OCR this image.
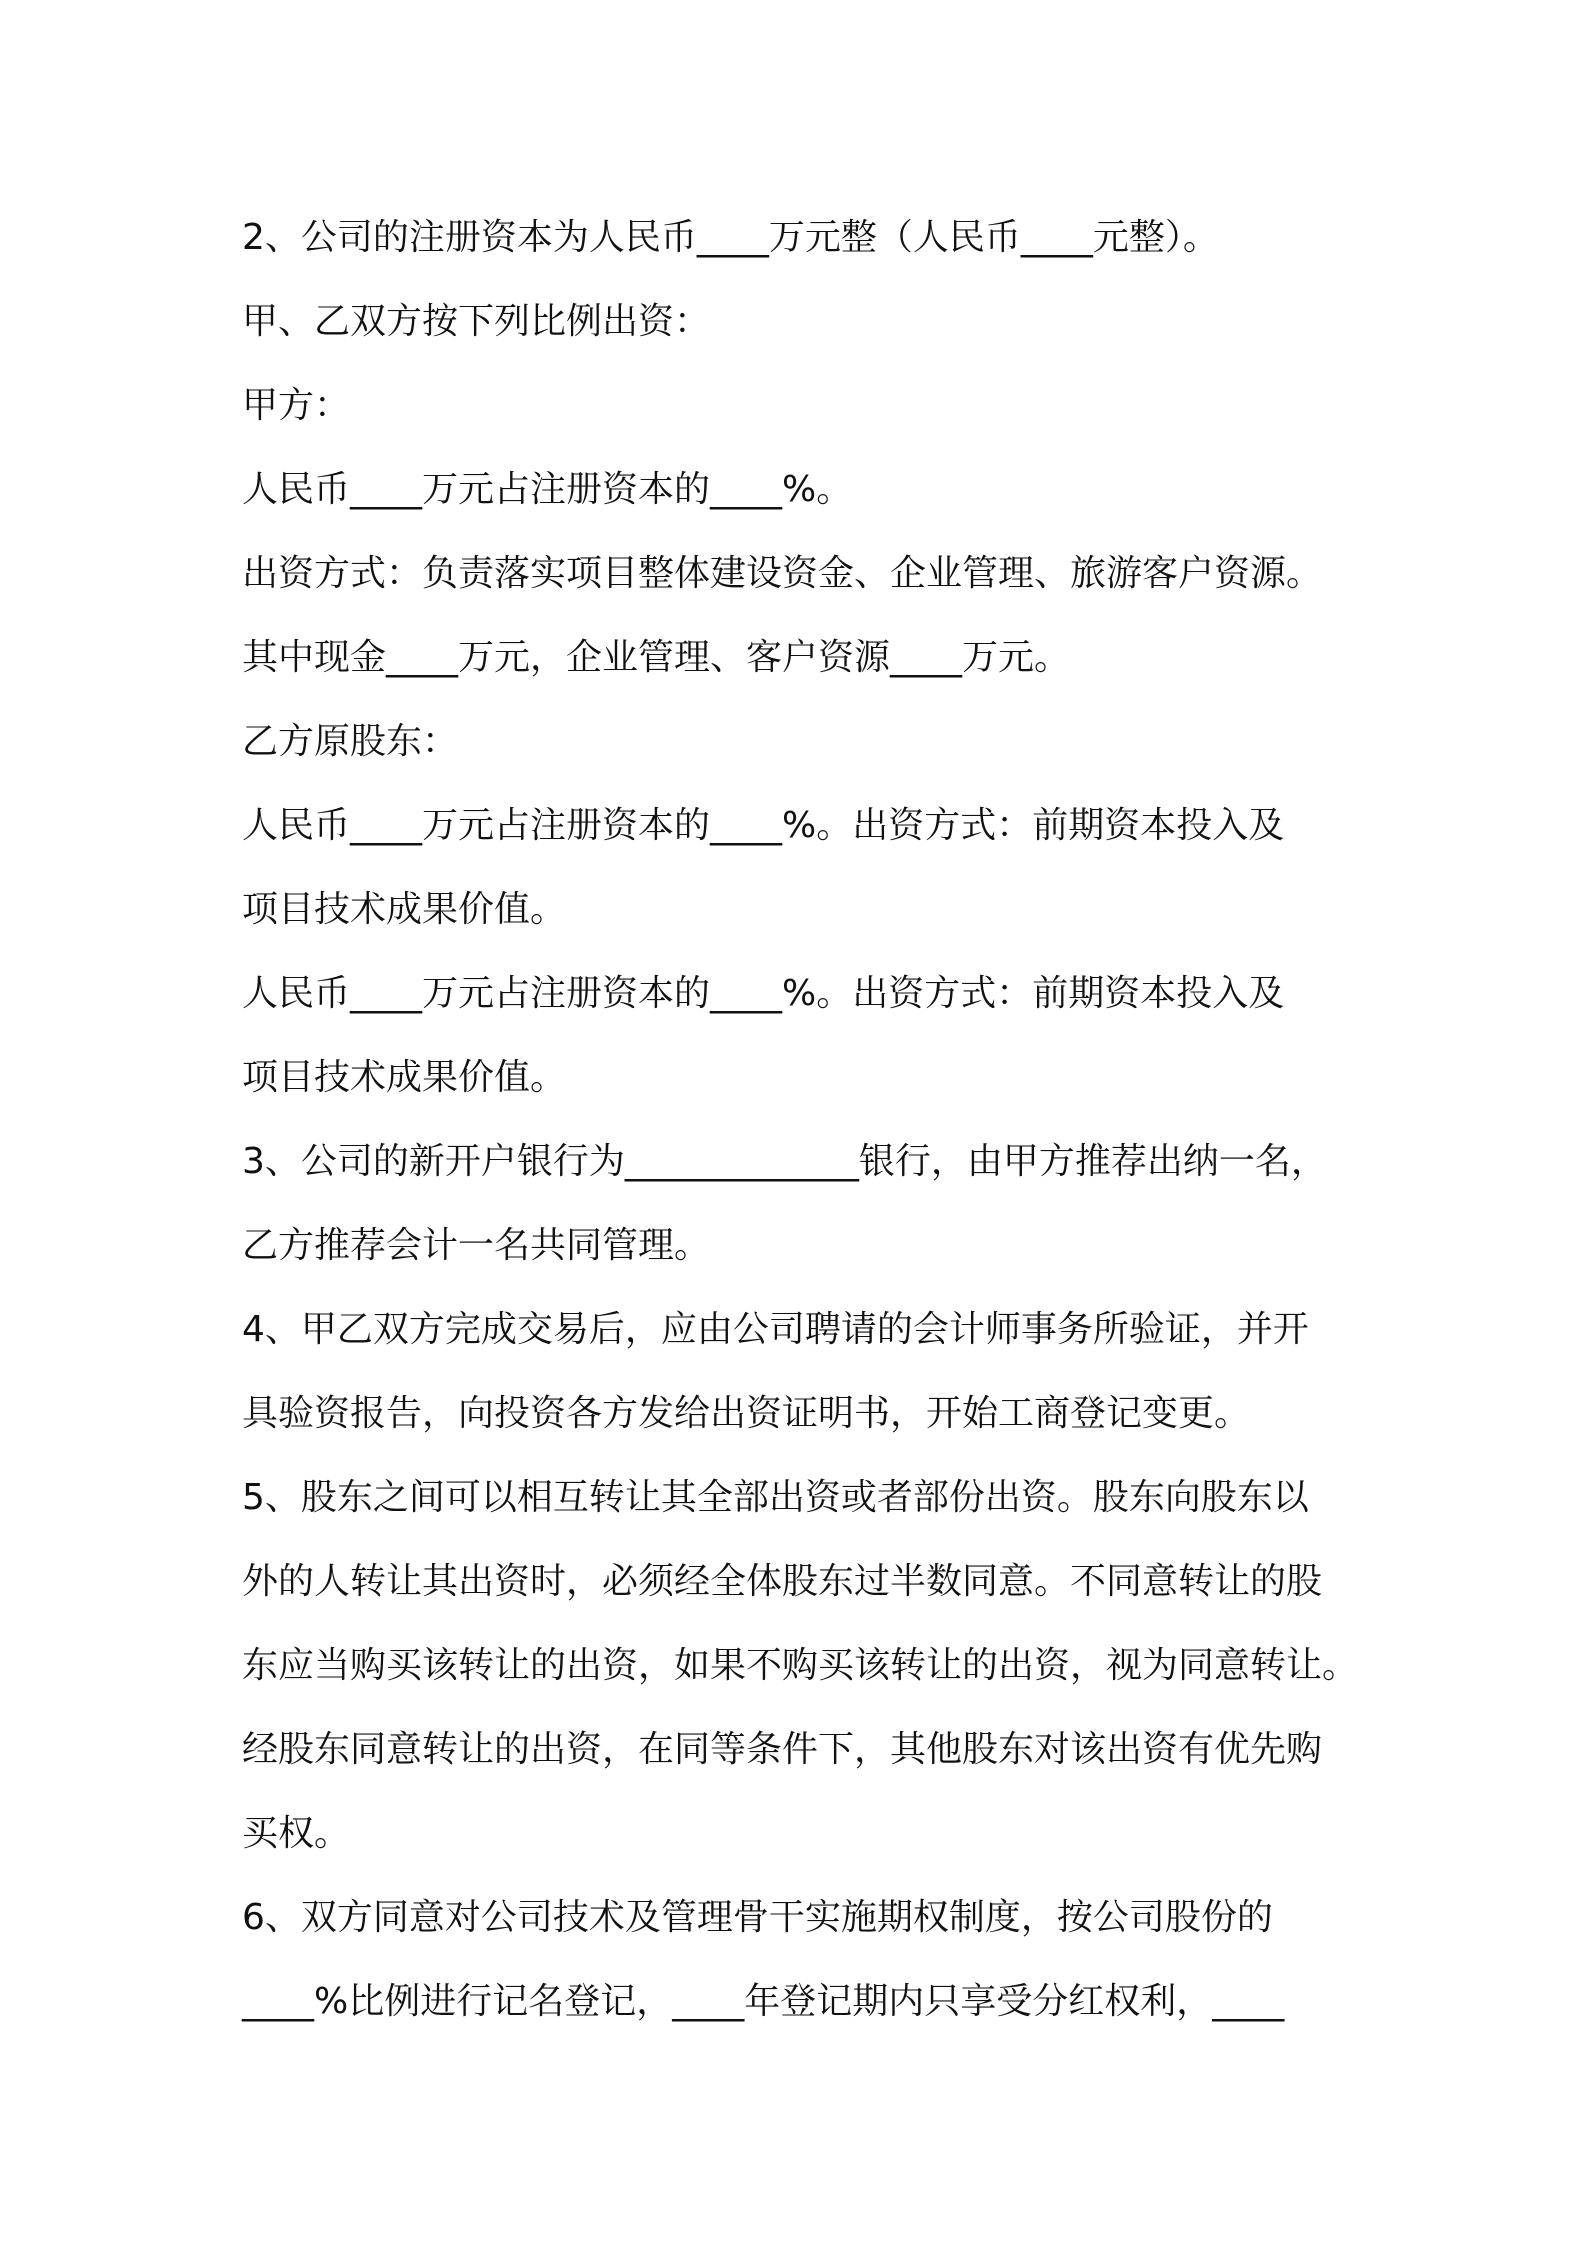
2、公司的注册资本为人民币____万元整（人民币____元整）。

甲、乙双方按下列比例出资：

甲方：

人民币____万元占注册资本的____%。

出资方式：负责落实项目整体建设资金、企业管理、旅游客户资源。

其中现金____万元，企业管理、客户资源____万元。

乙方原股东：

人民币____万元占注册资本的____%。出资方式：前期资本投入及

项目技术成果价值。

人民币____万元占注册资本的____%。出资方式：前期资本投入及

项目技术成果价值。

3、公司的新开户银行为_____________银行，由甲方推荐出纳一名，

乙方推荐会计一名共同管理。

4、甲乙双方完成交易后，应由公司聘请的会计师事务所验证，并开

具验资报告，向投资各方发给出资证明书，开始工商登记变更。

5、股东之间可以相互转让其全部出资或者部份出资。股东向股东以

外的人转让其出资时，必须经全体股东过半数同意。不同意转让的股

东应当购买该转让的出资，如果不购买该转让的出资，视为同意转让。

经股东同意转让的出资，在同等条件下，其他股东对该出资有优先购

买权。

6、双方同意对公司技术及管理骨干实施期权制度，按公司股份的

____%比例进行记名登记，____年登记期内只享受分红权利，____
